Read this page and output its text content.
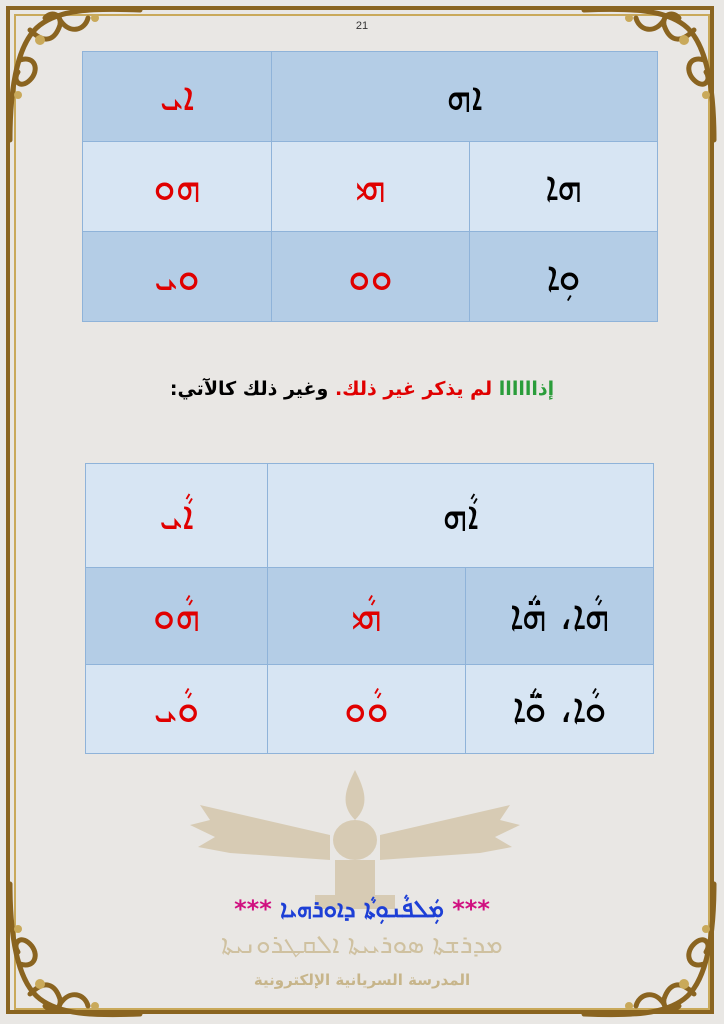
21
ܐܗ		ܐܝ
ܗܐ	ܗܝ	ܗܘ
ܘܼܐ	ܘܘ	ܘܝ
إذاااااا لم يذكر غير ذلك. وغير ذلك كالآتي:
ܐܵܗ		ܐܵܝ
ܗܵܐ، ܗ̈ܵܐ	ܗܵܝ	ܗܵܘ
ܘܵܐ، ܘ̈ܵܐ	ܘܵܘ	ܘܵܝ
*** ܡܲܠܦܵܢܘܼܬܵܐ ܕܐܘܪܗܝܐ ***
ܡܕܪܫܬܐ ܣܘܪܝܝܬܐ ܐܠܩܛܪܘܢܝܬܐ
المدرسة السريانية الإلكترونية
